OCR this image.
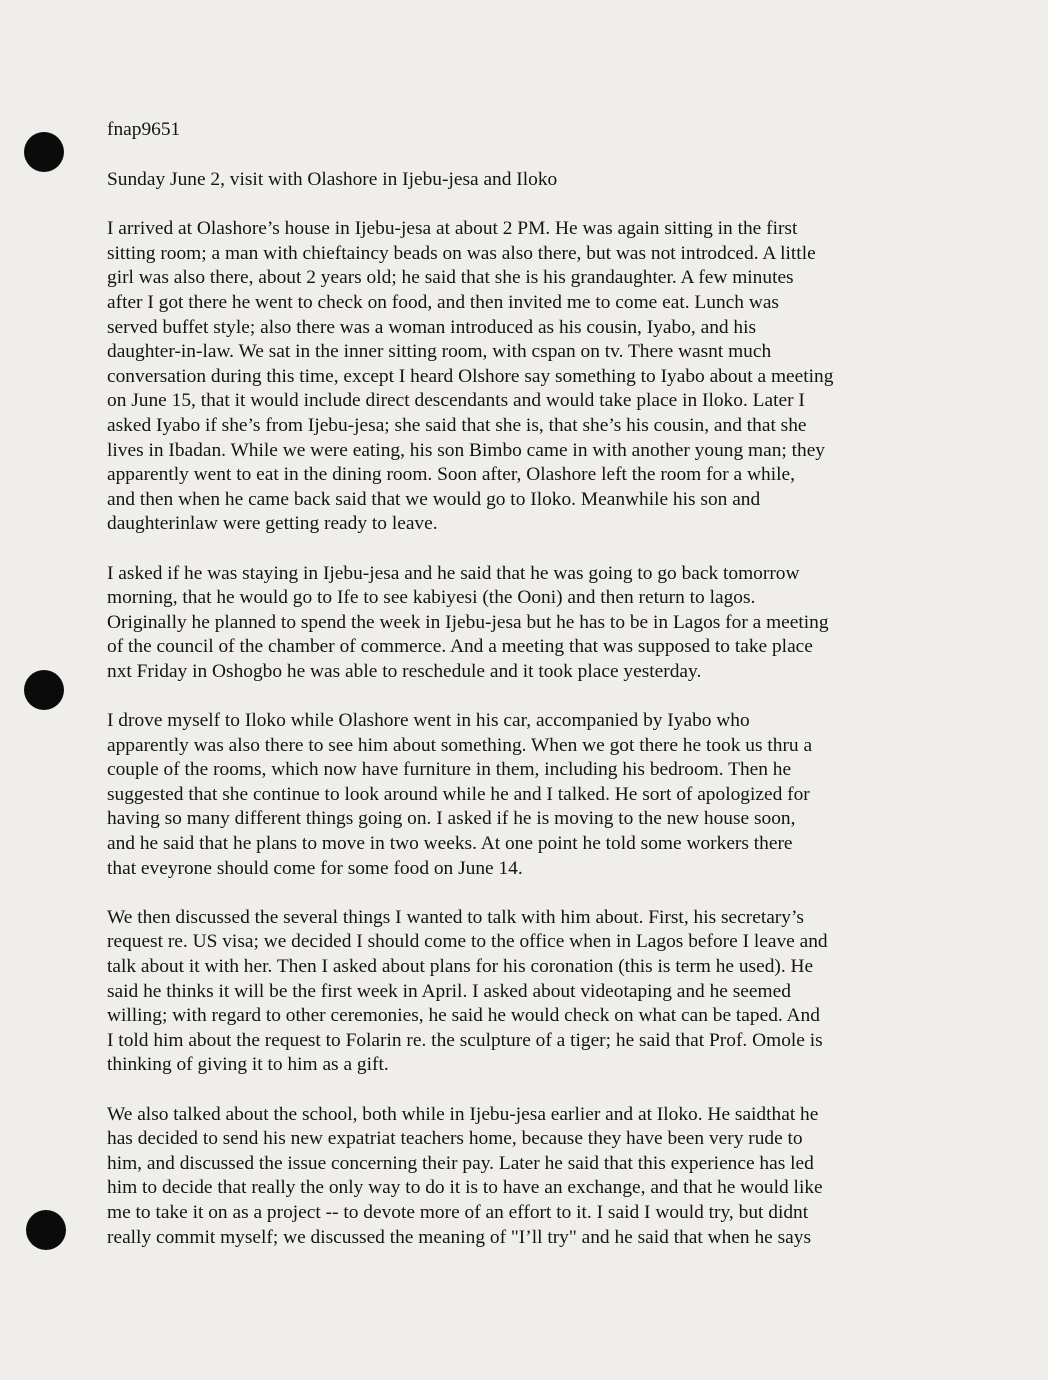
fnap9651
Sunday June 2, visit with Olashore in Ijebu-jesa and Iloko
I arrived at Olashore’s house in Ijebu-jesa at about 2 PM. He was again sitting in the first
sitting room; a man with chieftaincy beads on was also there, but was not introdced. A little
girl was also there, about 2 years old; he said that she is his grandaughter. A few minutes
after I got there he went to check on food, and then invited me to come eat. Lunch was
served buffet style; also there was a woman introduced as his cousin, Iyabo, and his
daughter-in-law. We sat in the inner sitting room, with cspan on tv. There wasnt much
conversation during this time, except I heard Olshore say something to Iyabo about a meeting
on June 15, that it would include direct descendants and would take place in Iloko. Later I
asked Iyabo if she’s from Ijebu-jesa; she said that she is, that she’s his cousin, and that she
lives in Ibadan. While we were eating, his son Bimbo came in with another young man; they
apparently went to eat in the dining room. Soon after, Olashore left the room for a while,
and then when he came back said that we would go to Iloko. Meanwhile his son and
daughterinlaw were getting ready to leave.
I asked if he was staying in Ijebu-jesa and he said that he was going to go back tomorrow
morning, that he would go to Ife to see kabiyesi (the Ooni) and then return to lagos.
Originally he planned to spend the week in Ijebu-jesa but he has to be in Lagos for a meeting
of the council of the chamber of commerce. And a meeting that was supposed to take place
nxt Friday in Oshogbo he was able to reschedule and it took place yesterday.
I drove myself to Iloko while Olashore went in his car, accompanied by Iyabo who
apparently was also there to see him about something. When we got there he took us thru a
couple of the rooms, which now have furniture in them, including his bedroom. Then he
suggested that she continue to look around while he and I talked. He sort of apologized for
having so many different things going on. I asked if he is moving to the new house soon,
and he said that he plans to move in two weeks. At one point he told some workers there
that eveyrone should come for some food on June 14.
We then discussed the several things I wanted to talk with him about. First, his secretary’s
request re. US visa; we decided I should come to the office when in Lagos before I leave and
talk about it with her. Then I asked about plans for his coronation (this is term he used). He
said he thinks it will be the first week in April. I asked about videotaping and he seemed
willing; with regard to other ceremonies, he said he would check on what can be taped. And
I told him about the request to Folarin re. the sculpture of a tiger; he said that Prof. Omole is
thinking of giving it to him as a gift.
We also talked about the school, both while in Ijebu-jesa earlier and at Iloko. He saidthat he
has decided to send his new expatriat teachers home, because they have been very rude to
him, and discussed the issue concerning their pay. Later he said that this experience has led
him to decide that really the only way to do it is to have an exchange, and that he would like
me to take it on as a project -- to devote more of an effort to it. I said I would try, but didnt
really commit myself; we discussed the meaning of "I’ll try" and he said that when he says
